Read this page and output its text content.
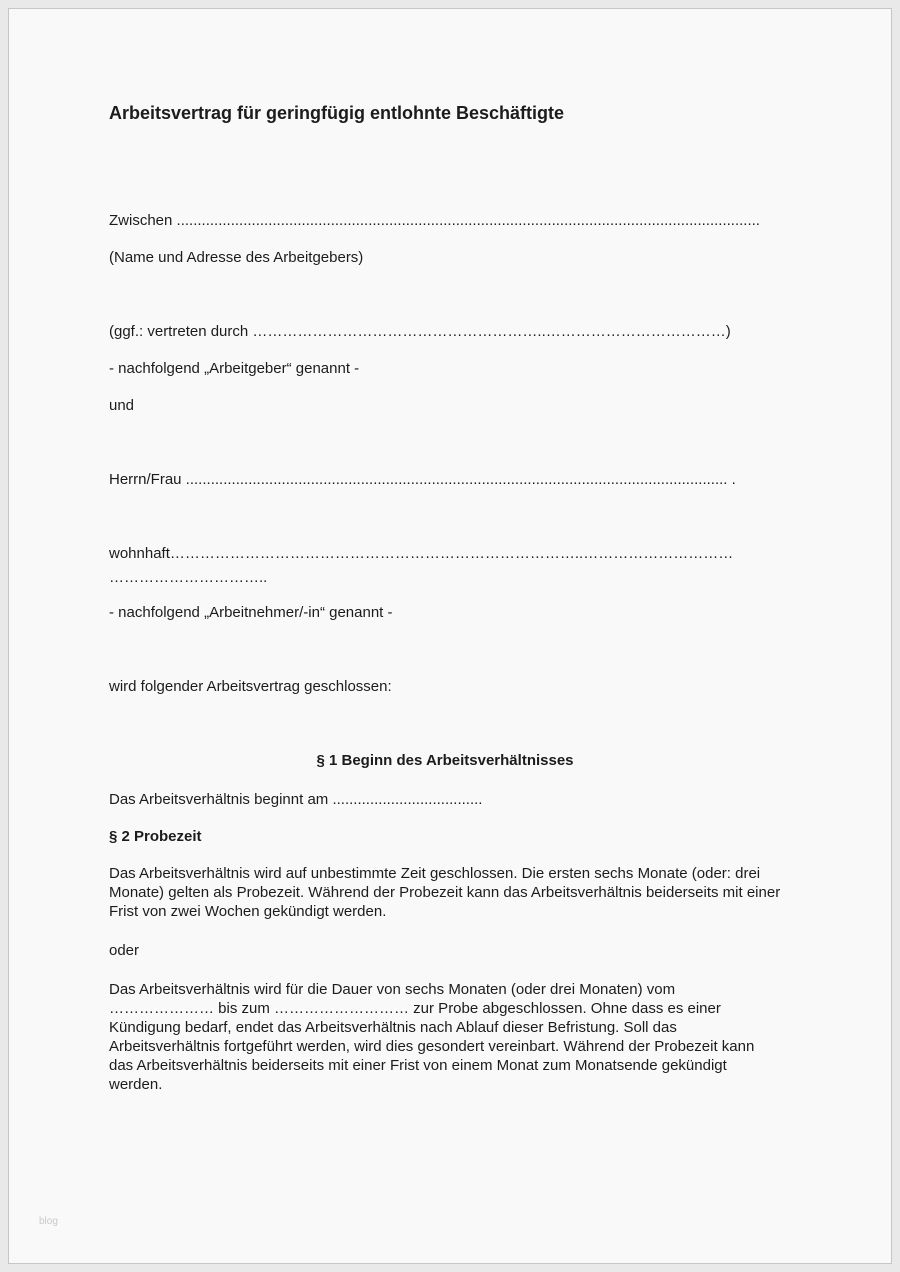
Arbeitsvertrag für geringfügig entlohnte Beschäftigte

Zwischen ............................................................................................................................................

(Name und Adresse des Arbeitgebers)

(ggf.: vertreten durch …………………………………………………..………………………………)

- nachfolgend „Arbeitgeber“ genannt -

und

Herrn/Frau .................................................................................................................................. .

wohnhaft………………………………………………………………………..…………………………

…………………………..

- nachfolgend „Arbeitnehmer/-in“ genannt -

wird folgender Arbeitsvertrag geschlossen:

§ 1 Beginn des Arbeitsverhältnisses

Das Arbeitsverhältnis beginnt am ....................................

§ 2 Probezeit

Das Arbeitsverhältnis wird auf unbestimmte Zeit geschlossen. Die ersten sechs Monate (oder: drei Monate) gelten als Probezeit. Während der Probezeit kann das Arbeitsverhältnis beiderseits mit einer Frist von zwei Wochen gekündigt werden.

oder

Das Arbeitsverhältnis wird für die Dauer von sechs Monaten (oder drei Monaten) vom ………………… bis zum ……………………… zur Probe abgeschlossen. Ohne dass es einer Kündigung bedarf, endet das Arbeitsverhältnis nach Ablauf dieser Befristung. Soll das Arbeitsverhältnis fortgeführt werden, wird dies gesondert vereinbart. Während der Probezeit kann das Arbeitsverhältnis beiderseits mit einer Frist von einem Monat zum Monatsende gekündigt werden.

blog
